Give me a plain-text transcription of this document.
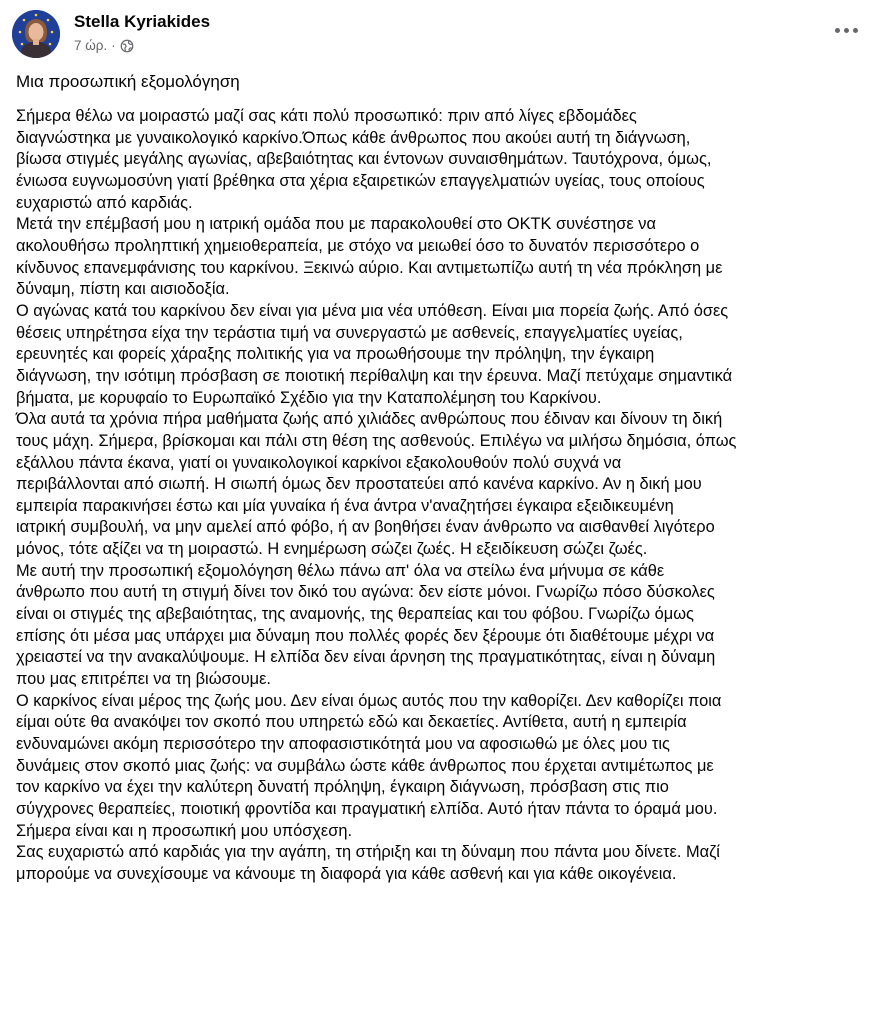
Stella Kyriakides
7 ώρ. ·
Μια προσωπική εξομολόγηση

Σήμερα θέλω να μοιραστώ μαζί σας κάτι πολύ προσωπικό: πριν από λίγες εβδομάδες

διαγνώστηκα με γυναικολογικό καρκίνο.Όπως κάθε άνθρωπος που ακούει αυτή τη διάγνωση,

βίωσα στιγμές μεγάλης αγωνίας, αβεβαιότητας και έντονων συναισθημάτων. Ταυτόχρονα, όμως,

ένιωσα ευγνωμοσύνη γιατί βρέθηκα στα χέρια εξαιρετικών επαγγελματιών υγείας, τους οποίους

ευχαριστώ από καρδιάς.

Μετά την επέμβασή μου η ιατρική ομάδα που με παρακολουθεί στο ΟΚΤΚ συνέστησε να

ακολουθήσω προληπτική χημειοθεραπεία, με στόχο να μειωθεί όσο το δυνατόν περισσότερο ο

κίνδυνος επανεμφάνισης του καρκίνου. Ξεκινώ αύριο. Και αντιμετωπίζω αυτή τη νέα πρόκληση με

δύναμη, πίστη και αισιοδοξία.

Ο αγώνας κατά του καρκίνου δεν είναι για μένα μια νέα υπόθεση. Είναι μια πορεία ζωής. Από όσες

θέσεις υπηρέτησα είχα την τεράστια τιμή να συνεργαστώ με ασθενείς, επαγγελματίες υγείας,

ερευνητές και φορείς χάραξης πολιτικής για να προωθήσουμε την πρόληψη, την έγκαιρη

διάγνωση, την ισότιμη πρόσβαση σε ποιοτική περίθαλψη και την έρευνα. Μαζί πετύχαμε σημαντικά

βήματα, με κορυφαίο το Ευρωπαϊκό Σχέδιο για την Καταπολέμηση του Καρκίνου.

Όλα αυτά τα χρόνια πήρα μαθήματα ζωής από χιλιάδες ανθρώπους που έδιναν και δίνουν τη δική

τους μάχη. Σήμερα, βρίσκομαι και πάλι στη θέση της ασθενούς. Επιλέγω να μιλήσω δημόσια, όπως

εξάλλου πάντα έκανα, γιατί οι γυναικολογικοί καρκίνοι εξακολουθούν πολύ συχνά να

περιβάλλονται από σιωπή. Η σιωπή όμως δεν προστατεύει από κανένα καρκίνο. Αν η δική μου

εμπειρία παρακινήσει έστω και μία γυναίκα ή ένα άντρα ν'αναζητήσει έγκαιρα εξειδικευμένη

ιατρική συμβουλή, να μην αμελεί από φόβο, ή αν βοηθήσει έναν άνθρωπο να αισθανθεί λιγότερο

μόνος, τότε αξίζει να τη μοιραστώ. Η ενημέρωση σώζει ζωές. Η εξειδίκευση σώζει ζωές.

Με αυτή την προσωπική εξομολόγηση θέλω πάνω απ' όλα να στείλω ένα μήνυμα σε κάθε

άνθρωπο που αυτή τη στιγμή δίνει τον δικό του αγώνα: δεν είστε μόνοι. Γνωρίζω πόσο δύσκολες

είναι οι στιγμές της αβεβαιότητας, της αναμονής, της θεραπείας και του φόβου. Γνωρίζω όμως

επίσης ότι μέσα μας υπάρχει μια δύναμη που πολλές φορές δεν ξέρουμε ότι διαθέτουμε μέχρι να

χρειαστεί να την ανακαλύψουμε. Η ελπίδα δεν είναι άρνηση της πραγματικότητας, είναι η δύναμη

που μας επιτρέπει να τη βιώσουμε.

Ο καρκίνος είναι μέρος της ζωής μου. Δεν είναι όμως αυτός που την καθορίζει. Δεν καθορίζει ποια

είμαι ούτε θα ανακόψει τον σκοπό που υπηρετώ εδώ και δεκαετίες. Αντίθετα, αυτή η εμπειρία

ενδυναμώνει ακόμη περισσότερο την αποφασιστικότητά μου να αφοσιωθώ με όλες μου τις

δυνάμεις στον σκοπό μιας ζωής: να συμβάλω ώστε κάθε άνθρωπος που έρχεται αντιμέτωπος με

τον καρκίνο να έχει την καλύτερη δυνατή πρόληψη, έγκαιρη διάγνωση, πρόσβαση στις πιο

σύγχρονες θεραπείες, ποιοτική φροντίδα και πραγματική ελπίδα. Αυτό ήταν πάντα το όραμά μου.

Σήμερα είναι και η προσωπική μου υπόσχεση.

Σας ευχαριστώ από καρδιάς για την αγάπη, τη στήριξη και τη δύναμη που πάντα μου δίνετε. Μαζί

μπορούμε να συνεχίσουμε να κάνουμε τη διαφορά για κάθε ασθενή και για κάθε οικογένεια.
